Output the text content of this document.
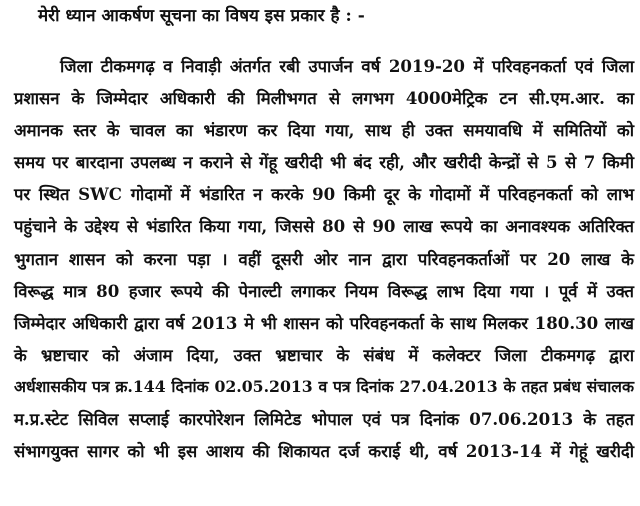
मेरी ध्यान आकर्षण सूचना का विषय इस प्रकार है : -
जिला टीकमगढ़ व निवाड़ी अंतर्गत रबी उपार्जन वर्ष 2019-20 में परिवहनकर्ता एवं जिला
प्रशासन के जिम्मेदार अधिकारी की मिलीभगत से लगभग 4000मेट्रिक टन सी.एम.आर. का
अमानक स्तर के चावल का भंडारण कर दिया गया, साथ ही उक्त समयावधि में समितियों को
समय पर बारदाना उपलब्ध न कराने से गेंहू खरीदी भी बंद रही, और खरीदी केन्द्रों से 5 से 7 किमी
पर स्थित SWC गोदामों में भंडारित न करके 90 किमी दूर के गोदामों में परिवहनकर्ता को लाभ
पहुंचाने के उद्देश्य से भंडारित किया गया, जिससे 80 से 90 लाख रूपये का अनावश्यक अतिरिक्त
भुगतान शासन को करना पड़ा । वहीं दूसरी ओर नान द्वारा परिवहनकर्ताओं पर 20 लाख के
विरूद्ध मात्र 80 हजार रूपये की पेनाल्टी लगाकर नियम विरूद्ध लाभ दिया गया । पूर्व में उक्त
जिम्मेदार अधिकारी द्वारा वर्ष 2013 मे भी शासन को परिवहनकर्ता के साथ मिलकर 180.30 लाख
के भ्रष्टाचार को अंजाम दिया, उक्त भ्रष्टाचार के संबंध में कलेक्टर जिला टीकमगढ़ द्वारा
अर्धशासकीय पत्र क्र.144 दिनांक 02.05.2013 व पत्र दिनांक 27.04.2013 के तहत प्रबंध संचालक
म.प्र.स्टेट सिविल सप्लाई कारपोरेशन लिमिटेड भोपाल एवं पत्र दिनांक 07.06.2013 के तहत
संभागयुक्त सागर को भी इस आशय की शिकायत दर्ज कराई थी, वर्ष 2013-14 में गेहूं खरीदी
